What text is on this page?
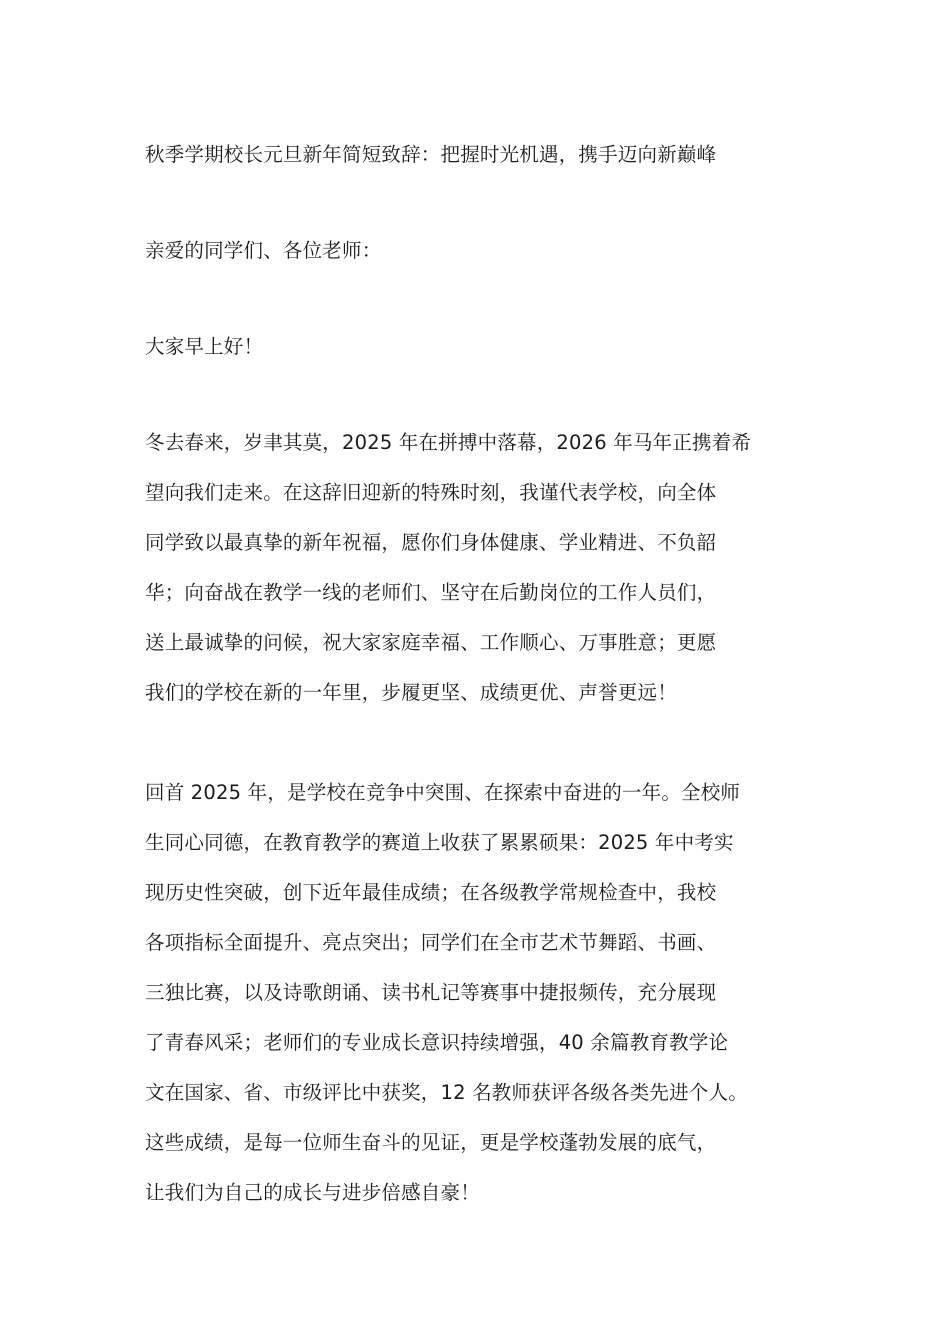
秋季学期校长元旦新年简短致辞：把握时光机遇，携手迈向新巅峰
亲爱的同学们、各位老师：
大家早上好！
冬去春来，岁聿其莫，2025 年在拼搏中落幕，2026 年马年正携着希
望向我们走来。在这辞旧迎新的特殊时刻，我谨代表学校，向全体
同学致以最真挚的新年祝福，愿你们身体健康、学业精进、不负韶
华；向奋战在教学一线的老师们、坚守在后勤岗位的工作人员们，
送上最诚挚的问候，祝大家家庭幸福、工作顺心、万事胜意；更愿
我们的学校在新的一年里，步履更坚、成绩更优、声誉更远！
回首 2025 年，是学校在竞争中突围、在探索中奋进的一年。全校师
生同心同德，在教育教学的赛道上收获了累累硕果：2025 年中考实
现历史性突破，创下近年最佳成绩；在各级教学常规检查中，我校
各项指标全面提升、亮点突出；同学们在全市艺术节舞蹈、书画、
三独比赛，以及诗歌朗诵、读书札记等赛事中捷报频传，充分展现
了青春风采；老师们的专业成长意识持续增强，40 余篇教育教学论
文在国家、省、市级评比中获奖，12 名教师获评各级各类先进个人。
这些成绩，是每一位师生奋斗的见证，更是学校蓬勃发展的底气，
让我们为自己的成长与进步倍感自豪！
